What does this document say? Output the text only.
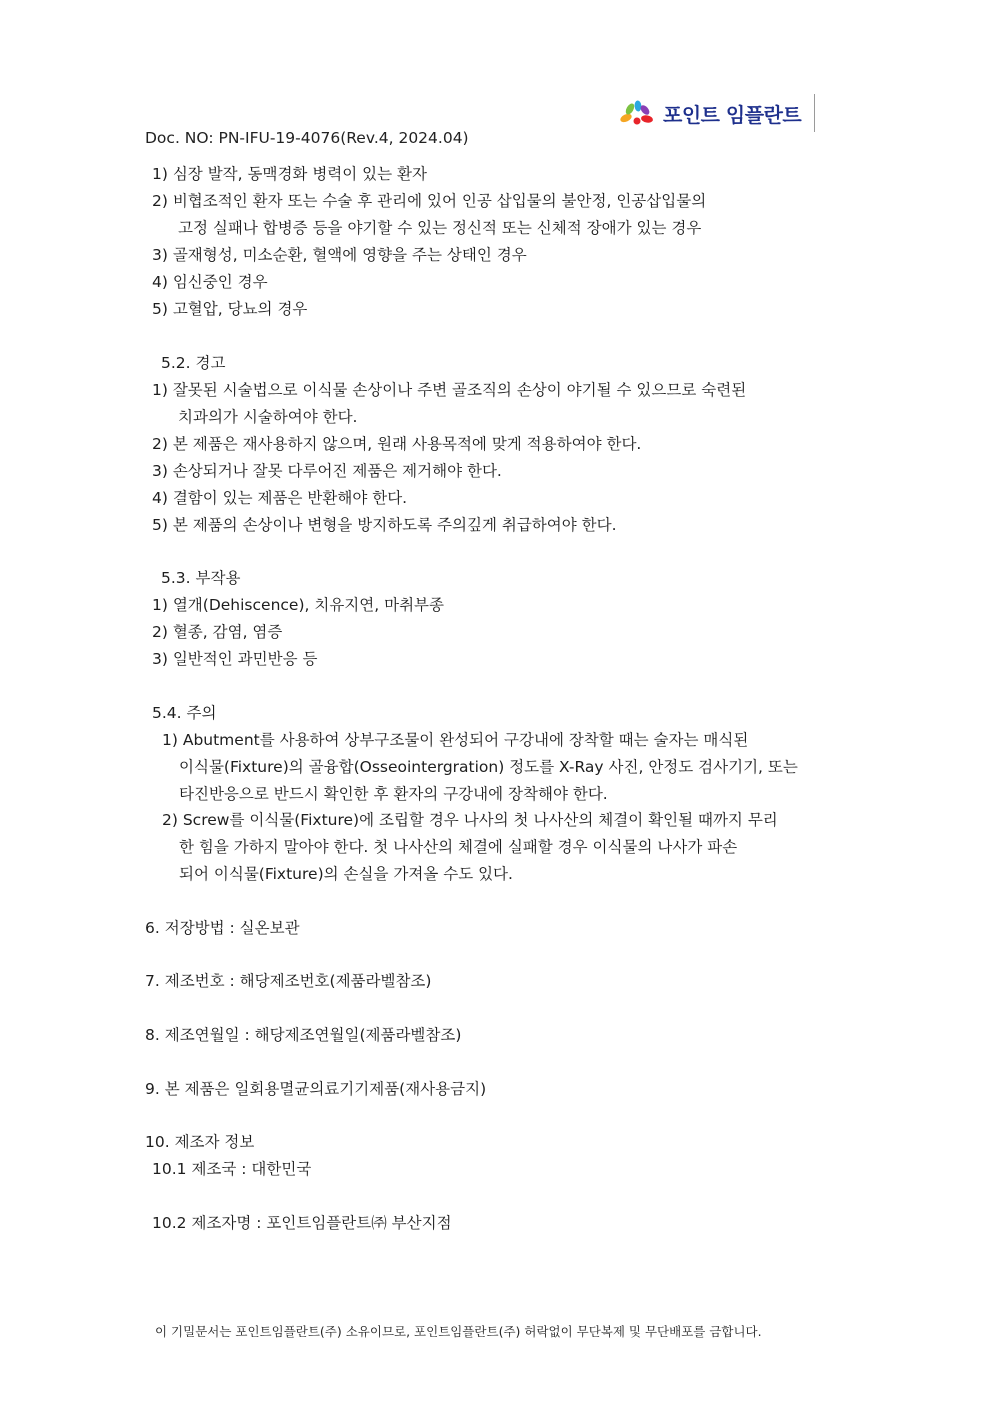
포인트 임플란트
Doc. NO: PN-IFU-19-4076(Rev.4, 2024.04)
1) 심장 발작, 동맥경화 병력이 있는 환자
2) 비협조적인 환자 또는 수술 후 관리에 있어 인공 삽입물의 불안정, 인공삽입물의
고정 실패나 합병증 등을 야기할 수 있는 정신적 또는 신체적 장애가 있는 경우
3) 골재형성, 미소순환, 혈액에 영향을 주는 상태인 경우
4) 임신중인 경우
5) 고혈압, 당뇨의 경우
5.2. 경고
1) 잘못된 시술법으로 이식물 손상이나 주변 골조직의 손상이 야기될 수 있으므로 숙련된
치과의가 시술하여야 한다.
2) 본 제품은 재사용하지 않으며, 원래 사용목적에 맞게 적용하여야 한다.
3) 손상되거나 잘못 다루어진 제품은 제거해야 한다.
4) 결함이 있는 제품은 반환해야 한다.
5) 본 제품의 손상이나 변형을 방지하도록 주의깊게 취급하여야 한다.
5.3. 부작용
1) 열개(Dehiscence), 치유지연, 마취부종
2) 혈종, 감염, 염증
3) 일반적인 과민반응 등
5.4. 주의
1) Abutment를 사용하여 상부구조물이 완성되어 구강내에 장착할 때는 술자는 매식된
이식물(Fixture)의 골융합(Osseointergration) 정도를 X-Ray 사진, 안정도 검사기기, 또는
타진반응으로 반드시 확인한 후 환자의 구강내에 장착해야 한다.
2) Screw를 이식물(Fixture)에 조립할 경우 나사의 첫 나사산의 체결이 확인될 때까지 무리
한 힘을 가하지 말아야 한다. 첫 나사산의 체결에 실패할 경우 이식물의 나사가 파손
되어 이식물(Fixture)의 손실을 가져올 수도 있다.
6. 저장방법 : 실온보관
7. 제조번호 : 해당제조번호(제품라벨참조)
8. 제조연월일 : 해당제조연월일(제품라벨참조)
9. 본 제품은 일회용멸균의료기기제품(재사용금지)
10. 제조자 정보
10.1 제조국 : 대한민국
10.2 제조자명 : 포인트임플란트㈜ 부산지점
이 기밀문서는 포인트임플란트(주) 소유이므로, 포인트임플란트(주) 허락없이 무단복제 및 무단배포를 금합니다.
